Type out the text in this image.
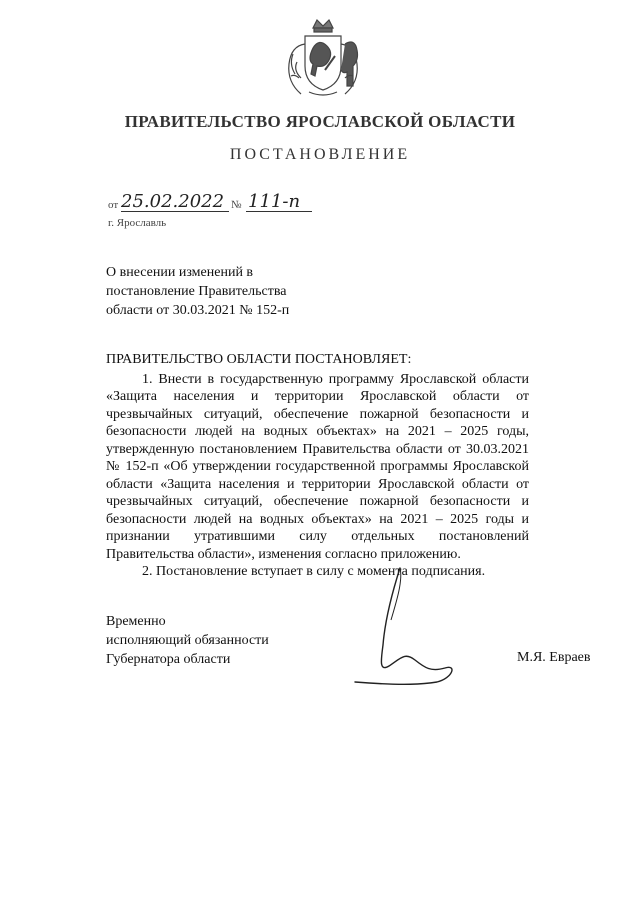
ПРАВИТЕЛЬСТВО ЯРОСЛАВСКОЙ ОБЛАСТИ
ПОСТАНОВЛЕНИЕ
от 25.02.2022 № 111-п
г. Ярославль
О внесении изменений в
постановление Правительства
области от 30.03.2021 № 152-п
ПРАВИТЕЛЬСТВО ОБЛАСТИ ПОСТАНОВЛЯЕТ:

1. Внести в государственную программу Ярославской области «Защита населения и территории Ярославской области от чрезвычайных ситуаций, обеспечение пожарной безопасности и безопасности людей на водных объектах» на 2021 – 2025 годы, утвержденную постановлением Правительства области от 30.03.2021 № 152-п «Об утверждении государственной программы Ярославской области «Защита населения и территории Ярославской области от чрезвычайных ситуаций, обеспечение пожарной безопасности и безопасности людей на водных объектах» на 2021 – 2025 годы и признании утратившими силу отдельных постановлений Правительства области», изменения согласно приложению.

2. Постановление вступает в силу с момента подписания.

Временно
исполняющий обязанности
Губернатора области	М.Я. Евраев
